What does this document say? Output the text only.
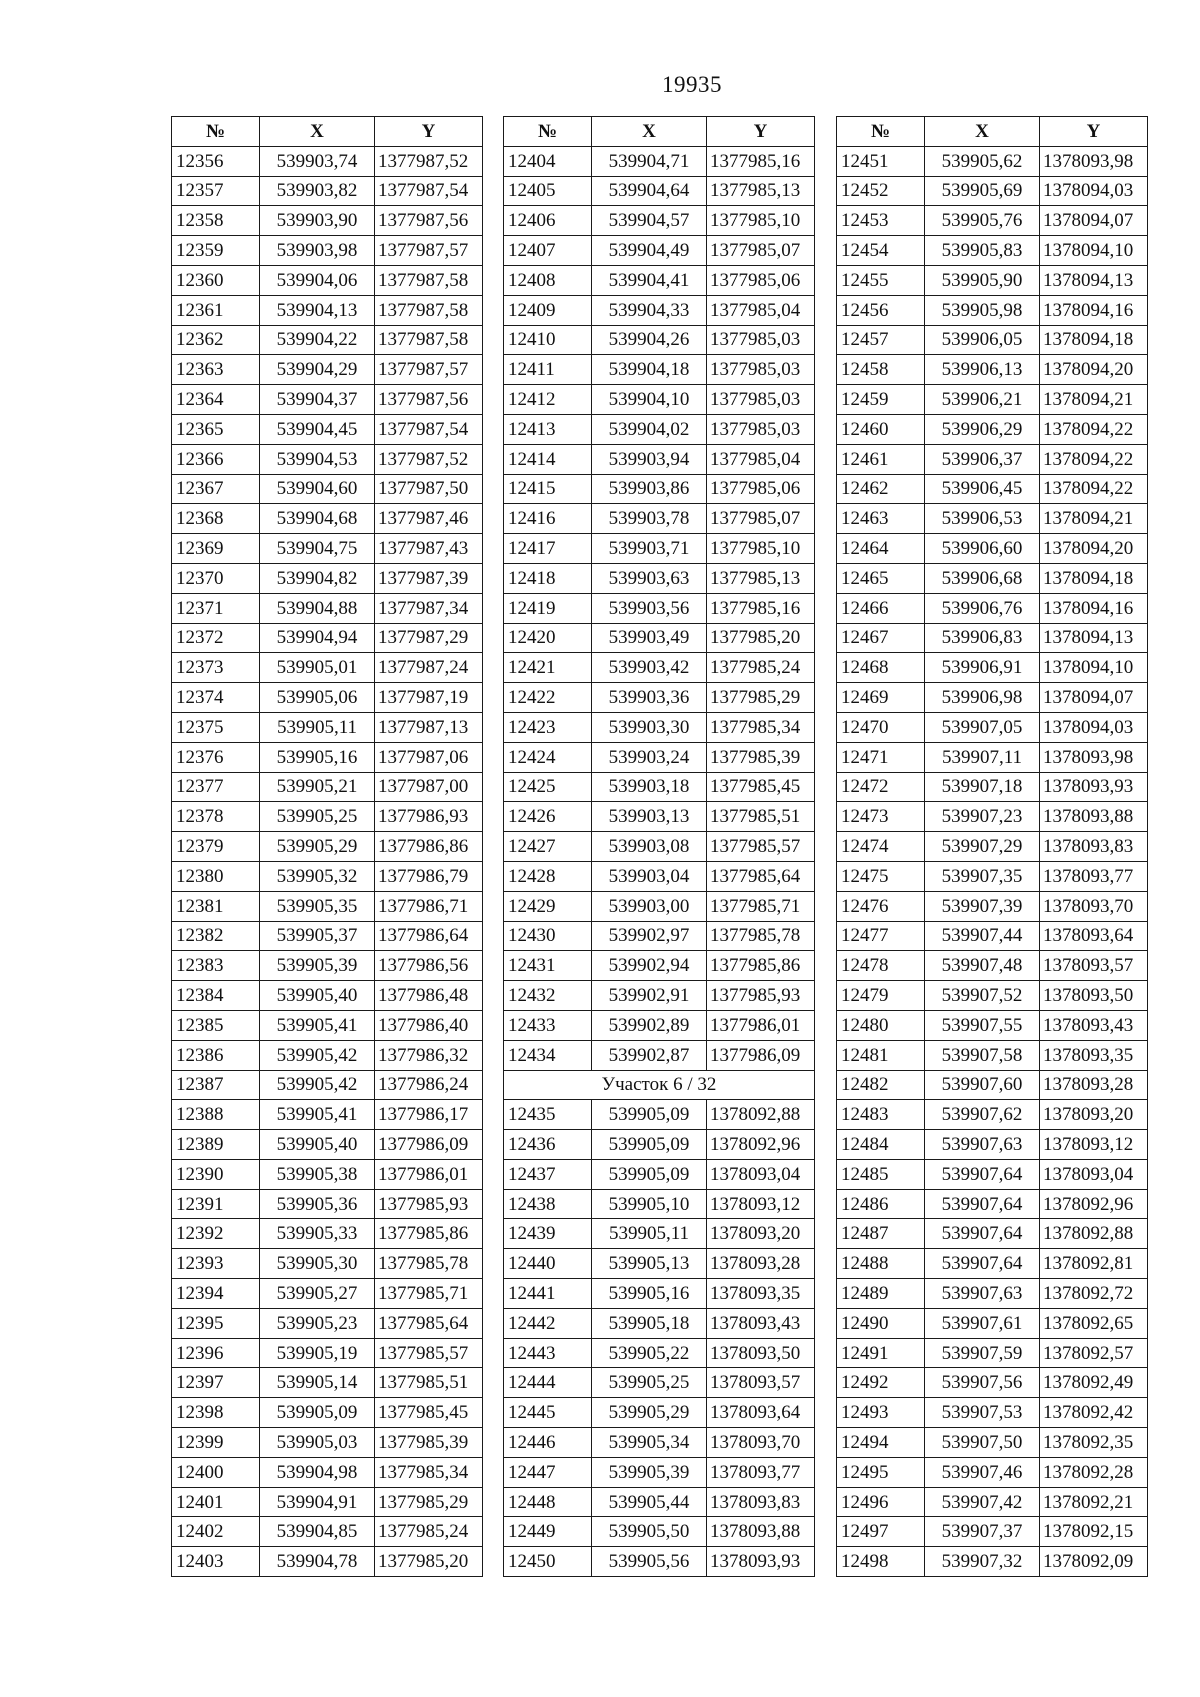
19935
№	X	Y
12356	539903,74	1377987,52
12357	539903,82	1377987,54
12358	539903,90	1377987,56
12359	539903,98	1377987,57
12360	539904,06	1377987,58
12361	539904,13	1377987,58
12362	539904,22	1377987,58
12363	539904,29	1377987,57
12364	539904,37	1377987,56
12365	539904,45	1377987,54
12366	539904,53	1377987,52
12367	539904,60	1377987,50
12368	539904,68	1377987,46
12369	539904,75	1377987,43
12370	539904,82	1377987,39
12371	539904,88	1377987,34
12372	539904,94	1377987,29
12373	539905,01	1377987,24
12374	539905,06	1377987,19
12375	539905,11	1377987,13
12376	539905,16	1377987,06
12377	539905,21	1377987,00
12378	539905,25	1377986,93
12379	539905,29	1377986,86
12380	539905,32	1377986,79
12381	539905,35	1377986,71
12382	539905,37	1377986,64
12383	539905,39	1377986,56
12384	539905,40	1377986,48
12385	539905,41	1377986,40
12386	539905,42	1377986,32
12387	539905,42	1377986,24
12388	539905,41	1377986,17
12389	539905,40	1377986,09
12390	539905,38	1377986,01
12391	539905,36	1377985,93
12392	539905,33	1377985,86
12393	539905,30	1377985,78
12394	539905,27	1377985,71
12395	539905,23	1377985,64
12396	539905,19	1377985,57
12397	539905,14	1377985,51
12398	539905,09	1377985,45
12399	539905,03	1377985,39
12400	539904,98	1377985,34
12401	539904,91	1377985,29
12402	539904,85	1377985,24
12403	539904,78	1377985,20
№	X	Y
12404	539904,71	1377985,16
12405	539904,64	1377985,13
12406	539904,57	1377985,10
12407	539904,49	1377985,07
12408	539904,41	1377985,06
12409	539904,33	1377985,04
12410	539904,26	1377985,03
12411	539904,18	1377985,03
12412	539904,10	1377985,03
12413	539904,02	1377985,03
12414	539903,94	1377985,04
12415	539903,86	1377985,06
12416	539903,78	1377985,07
12417	539903,71	1377985,10
12418	539903,63	1377985,13
12419	539903,56	1377985,16
12420	539903,49	1377985,20
12421	539903,42	1377985,24
12422	539903,36	1377985,29
12423	539903,30	1377985,34
12424	539903,24	1377985,39
12425	539903,18	1377985,45
12426	539903,13	1377985,51
12427	539903,08	1377985,57
12428	539903,04	1377985,64
12429	539903,00	1377985,71
12430	539902,97	1377985,78
12431	539902,94	1377985,86
12432	539902,91	1377985,93
12433	539902,89	1377986,01
12434	539902,87	1377986,09
Участок 6 / 32		
12435	539905,09	1378092,88
12436	539905,09	1378092,96
12437	539905,09	1378093,04
12438	539905,10	1378093,12
12439	539905,11	1378093,20
12440	539905,13	1378093,28
12441	539905,16	1378093,35
12442	539905,18	1378093,43
12443	539905,22	1378093,50
12444	539905,25	1378093,57
12445	539905,29	1378093,64
12446	539905,34	1378093,70
12447	539905,39	1378093,77
12448	539905,44	1378093,83
12449	539905,50	1378093,88
12450	539905,56	1378093,93
№	X	Y
12451	539905,62	1378093,98
12452	539905,69	1378094,03
12453	539905,76	1378094,07
12454	539905,83	1378094,10
12455	539905,90	1378094,13
12456	539905,98	1378094,16
12457	539906,05	1378094,18
12458	539906,13	1378094,20
12459	539906,21	1378094,21
12460	539906,29	1378094,22
12461	539906,37	1378094,22
12462	539906,45	1378094,22
12463	539906,53	1378094,21
12464	539906,60	1378094,20
12465	539906,68	1378094,18
12466	539906,76	1378094,16
12467	539906,83	1378094,13
12468	539906,91	1378094,10
12469	539906,98	1378094,07
12470	539907,05	1378094,03
12471	539907,11	1378093,98
12472	539907,18	1378093,93
12473	539907,23	1378093,88
12474	539907,29	1378093,83
12475	539907,35	1378093,77
12476	539907,39	1378093,70
12477	539907,44	1378093,64
12478	539907,48	1378093,57
12479	539907,52	1378093,50
12480	539907,55	1378093,43
12481	539907,58	1378093,35
12482	539907,60	1378093,28
12483	539907,62	1378093,20
12484	539907,63	1378093,12
12485	539907,64	1378093,04
12486	539907,64	1378092,96
12487	539907,64	1378092,88
12488	539907,64	1378092,81
12489	539907,63	1378092,72
12490	539907,61	1378092,65
12491	539907,59	1378092,57
12492	539907,56	1378092,49
12493	539907,53	1378092,42
12494	539907,50	1378092,35
12495	539907,46	1378092,28
12496	539907,42	1378092,21
12497	539907,37	1378092,15
12498	539907,32	1378092,09
